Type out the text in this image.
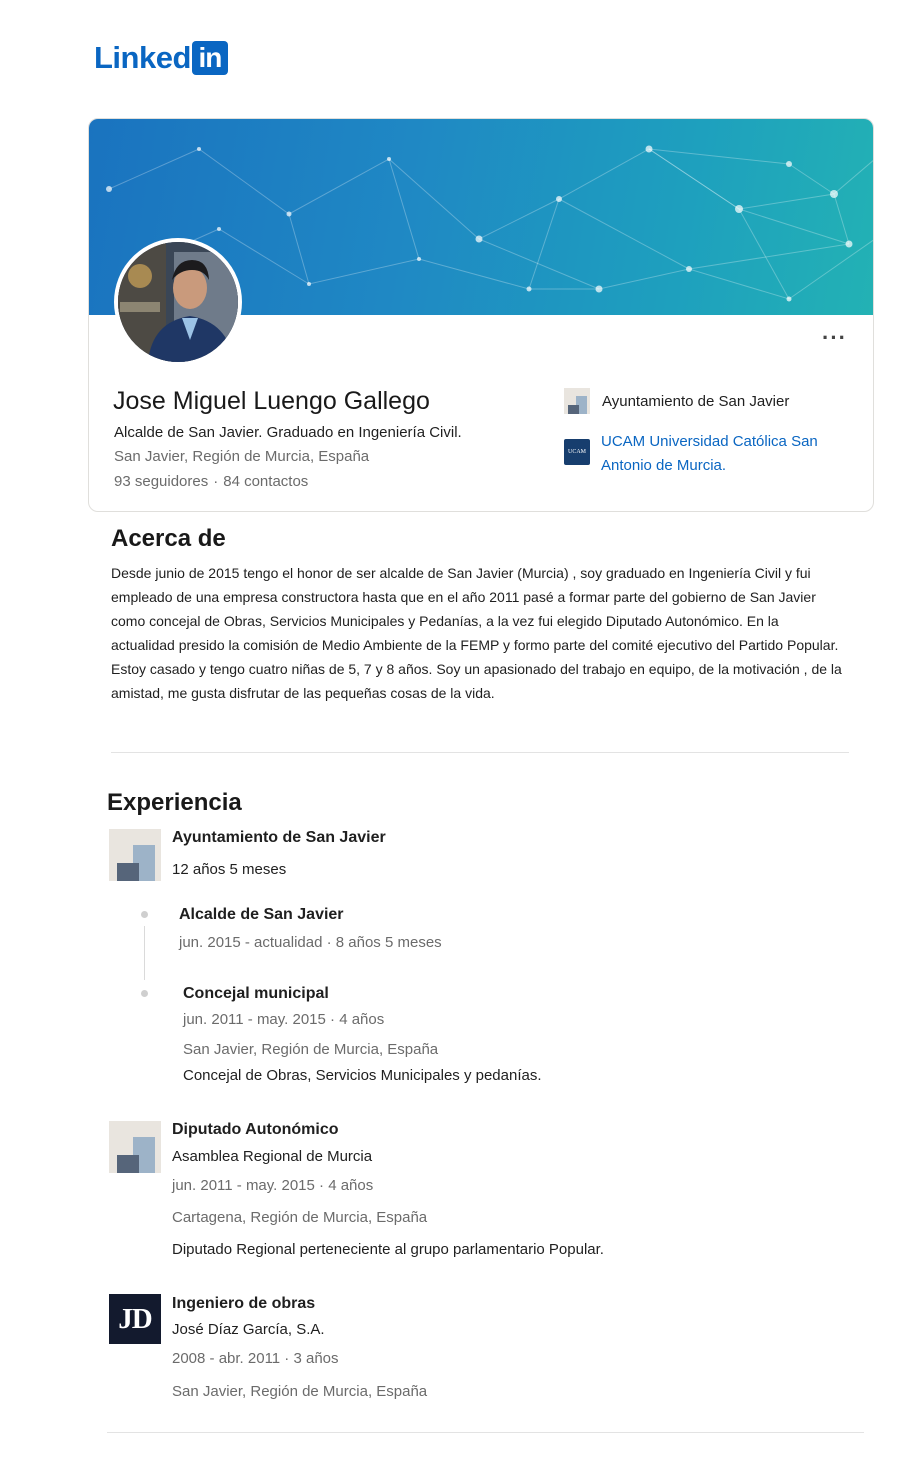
Linked in
···
Jose Miguel Luengo Gallego
Alcalde de San Javier. Graduado en Ingeniería Civil.
San Javier, Región de Murcia, España
93 seguidores · 84 contactos
Ayuntamiento de San Javier
UCAM
UCAM Universidad Católica San Antonio de Murcia.
Acerca de

Desde junio de 2015 tengo el honor de ser alcalde de San Javier (Murcia) , soy graduado en Ingeniería Civil y fui empleado de una empresa constructora hasta que en el año 2011 pasé a formar parte del gobierno de San Javier como concejal de Obras, Servicios Municipales y Pedanías, a la vez fui elegido Diputado Autonómico. En la actualidad presido la comisión de Medio Ambiente de la FEMP y formo parte del comité ejecutivo del Partido Popular. Estoy casado y tengo cuatro niñas de 5, 7 y 8 años. Soy un apasionado del trabajo en equipo, de la motivación , de la amistad, me gusta disfrutar de las pequeñas cosas de la vida.

Experiencia
Ayuntamiento de San Javier
12 años 5 meses
Alcalde de San Javier
jun. 2015 - actualidad · 8 años 5 meses
Concejal municipal
jun. 2011 - may. 2015 · 4 años
San Javier, Región de Murcia, España
Concejal de Obras, Servicios Municipales y pedanías.
Diputado Autonómico
Asamblea Regional de Murcia
jun. 2011 - may. 2015 · 4 años
Cartagena, Región de Murcia, España
Diputado Regional perteneciente al grupo parlamentario Popular.
JD	Ingeniero de obras
José Díaz García, S.A.
2008 - abr. 2011 · 3 años
San Javier, Región de Murcia, España
